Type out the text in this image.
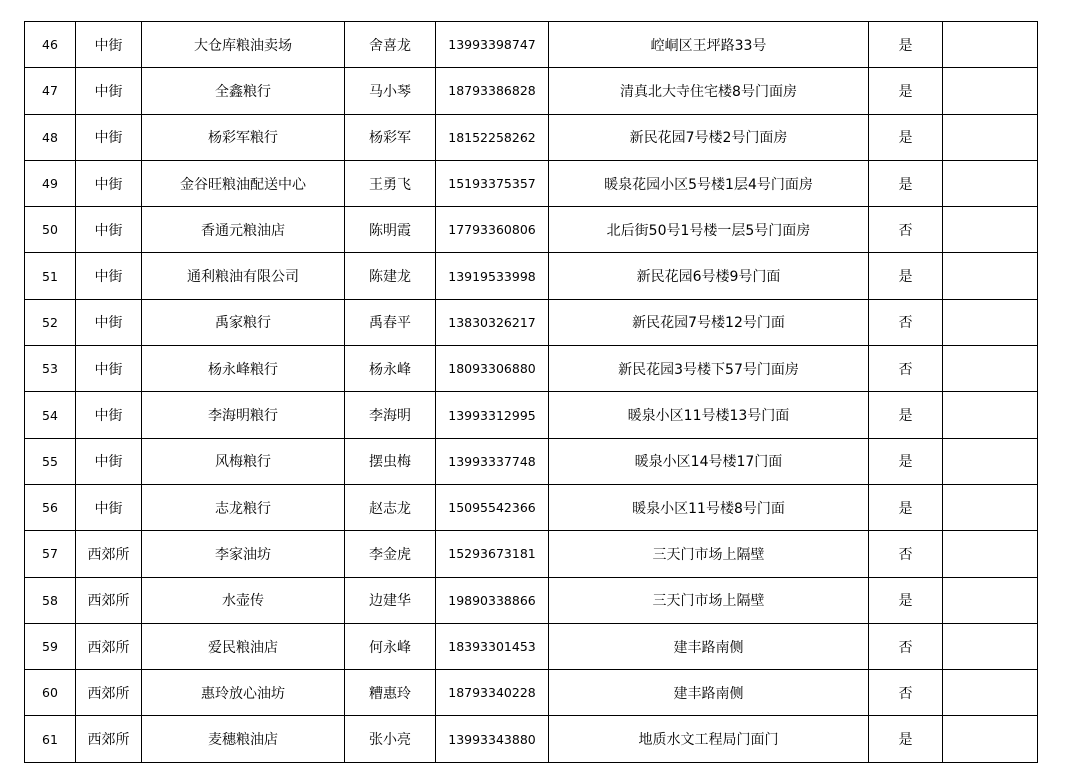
46	中街	大仓库粮油卖场	舍喜龙	13993398747	崆峒区王坪路33号	是	
47	中街	全鑫粮行	马小琴	18793386828	清真北大寺住宅楼8号门面房	是	
48	中街	杨彩军粮行	杨彩军	18152258262	新民花园7号楼2号门面房	是	
49	中街	金谷旺粮油配送中心	王勇飞	15193375357	暖泉花园小区5号楼1层4号门面房	是	
50	中街	香通元粮油店	陈明霞	17793360806	北后街50号1号楼一层5号门面房	否	
51	中街	通利粮油有限公司	陈建龙	13919533998	新民花园6号楼9号门面	是	
52	中街	禹家粮行	禹春平	13830326217	新民花园7号楼12号门面	否	
53	中街	杨永峰粮行	杨永峰	18093306880	新民花园3号楼下57号门面房	否	
54	中街	李海明粮行	李海明	13993312995	暖泉小区11号楼13号门面	是	
55	中街	风梅粮行	摆虫梅	13993337748	暖泉小区14号楼17门面	是	
56	中街	志龙粮行	赵志龙	15095542366	暖泉小区11号楼8号门面	是	
57	西郊所	李家油坊	李金虎	15293673181	三天门市场上隔壁	否	
58	西郊所	水壶传	边建华	19890338866	三天门市场上隔壁	是	
59	西郊所	爱民粮油店	何永峰	18393301453	建丰路南侧	否	
60	西郊所	惠玲放心油坊	糟惠玲	18793340228	建丰路南侧	否	
61	西郊所	麦穗粮油店	张小亮	13993343880	地质水文工程局门面门	是	
